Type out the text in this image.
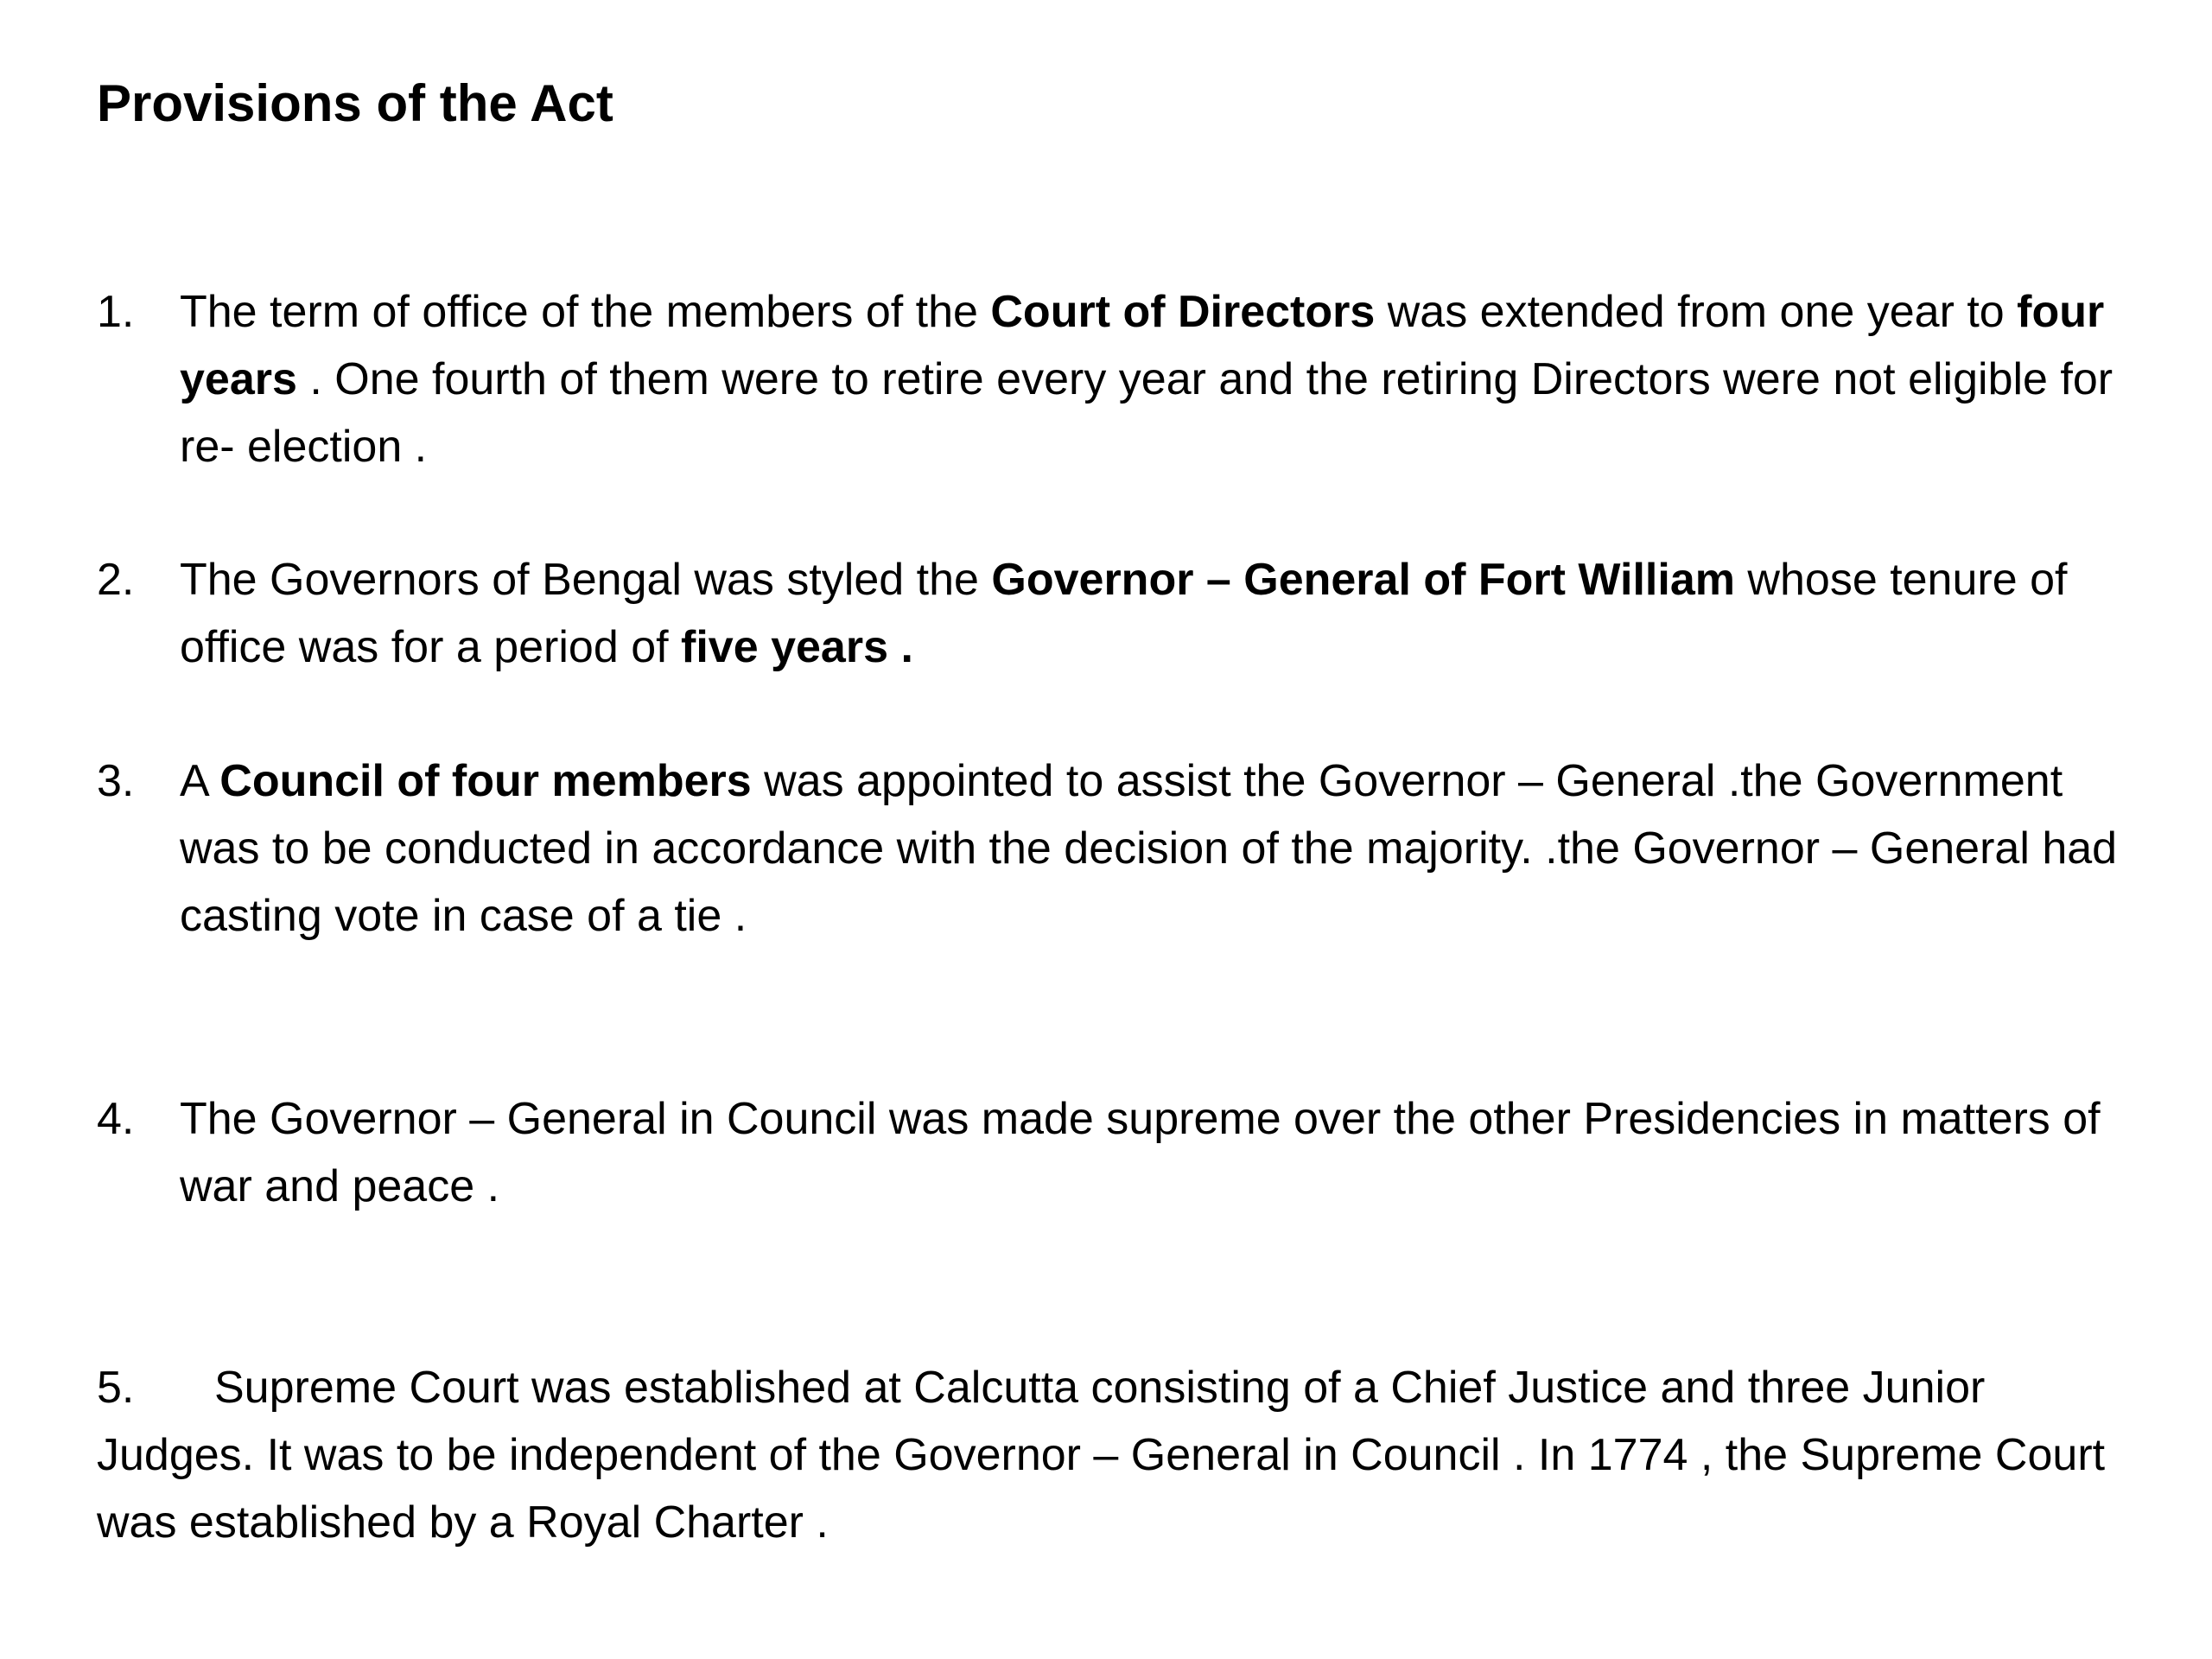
Provisions of the Act
1. The term of office of the members of the Court of Directors was extended from one year to four years . One fourth of them were to retire every year and the retiring Directors were not eligible for re- election .
2. The Governors of Bengal was styled the Governor – General of Fort William whose tenure of office was for a period of five years .
3. A Council of four members was appointed to assist the Governor – General .the Government was to be conducted in accordance with the decision of the majority. .the Governor – General had casting vote in case of a tie .
4. The Governor – General in Council was made supreme over the other Presidencies in matters of war and peace .
5. Supreme Court was established at Calcutta consisting of a Chief Justice and three Junior Judges. It was to be independent of the Governor – General in Council . In 1774 , the Supreme Court was established by a Royal Charter .
